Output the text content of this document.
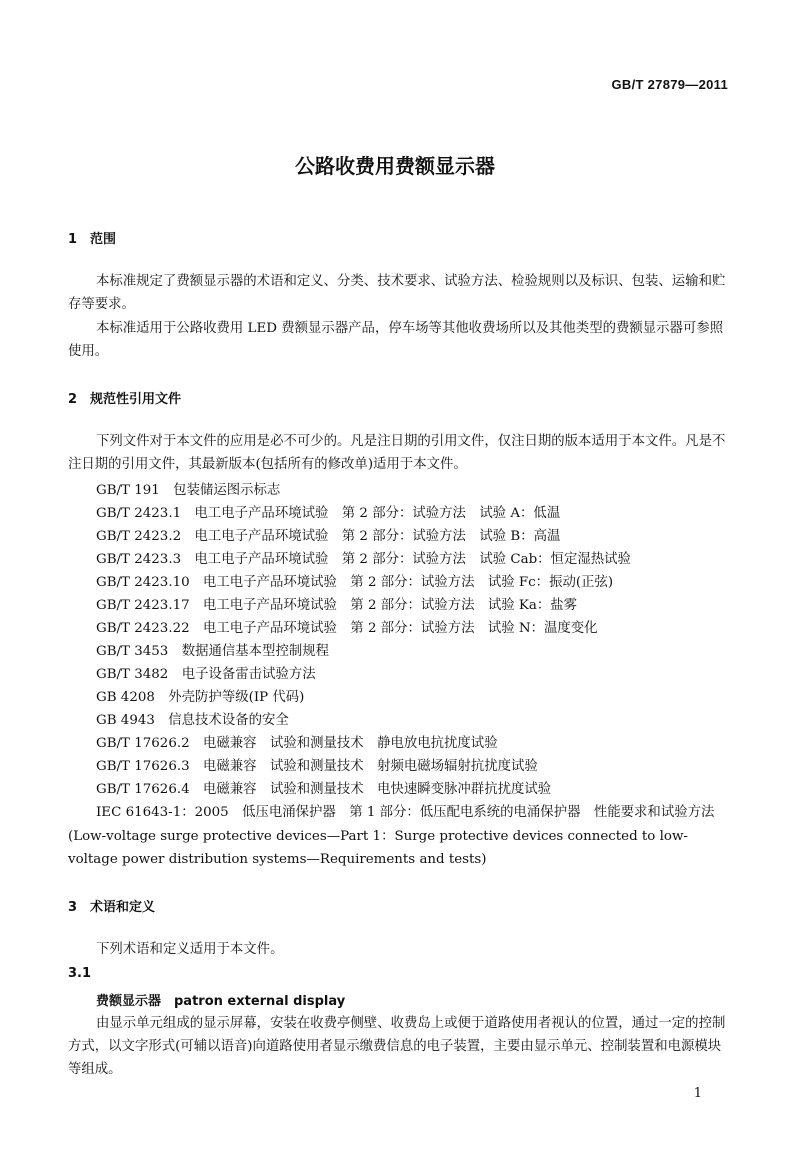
GB/T 27879—2011
公路收费用费额显示器
1 范围
本标准规定了费额显示器的术语和定义、分类、技术要求、试验方法、检验规则以及标识、包装、运输和贮存等要求。
本标准适用于公路收费用 LED 费额显示器产品，停车场等其他收费场所以及其他类型的费额显示器可参照使用。
2 规范性引用文件
下列文件对于本文件的应用是必不可少的。凡是注日期的引用文件，仅注日期的版本适用于本文件。凡是不注日期的引用文件，其最新版本(包括所有的修改单)适用于本文件。
GB/T 191　包装储运图示标志
GB/T 2423.1　电工电子产品环境试验　第 2 部分：试验方法　试验 A：低温
GB/T 2423.2　电工电子产品环境试验　第 2 部分：试验方法　试验 B：高温
GB/T 2423.3　电工电子产品环境试验　第 2 部分：试验方法　试验 Cab：恒定湿热试验
GB/T 2423.10　电工电子产品环境试验　第 2 部分：试验方法　试验 Fc：振动(正弦)
GB/T 2423.17　电工电子产品环境试验　第 2 部分：试验方法　试验 Ka：盐雾
GB/T 2423.22　电工电子产品环境试验　第 2 部分：试验方法　试验 N：温度变化
GB/T 3453　数据通信基本型控制规程
GB/T 3482　电子设备雷击试验方法
GB 4208　外壳防护等级(IP 代码)
GB 4943　信息技术设备的安全
GB/T 17626.2　电磁兼容　试验和测量技术　静电放电抗扰度试验
GB/T 17626.3　电磁兼容　试验和测量技术　射频电磁场辐射抗扰度试验
GB/T 17626.4　电磁兼容　试验和测量技术　电快速瞬变脉冲群抗扰度试验
IEC 61643-1：2005　低压电涌保护器　第 1 部分：低压配电系统的电涌保护器　性能要求和试验方法(Low-voltage surge protective devices—Part 1：Surge protective devices connected to low-voltage power distribution systems—Requirements and tests)
3 术语和定义
下列术语和定义适用于本文件。
3.1
费额显示器　patron external display
由显示单元组成的显示屏幕，安装在收费亭侧壁、收费岛上或便于道路使用者视认的位置，通过一定的控制方式，以文字形式(可辅以语音)向道路使用者显示缴费信息的电子装置，主要由显示单元、控制装置和电源模块等组成。
1
